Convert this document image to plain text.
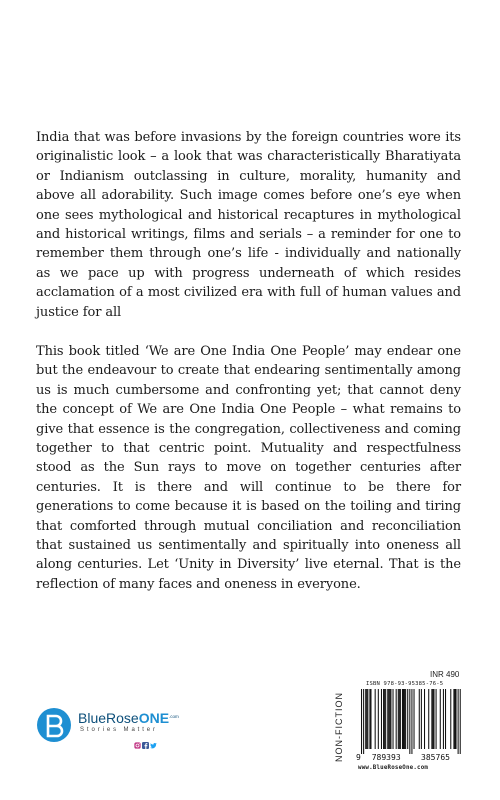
India that was before invasions by the foreign countries wore its originalistic look – a look that was characteristically Bharatiyata or Indianism outclassing in culture, morality, humanity and above all adorability. Such image comes before one’s eye when one sees mythological and historical recaptures in mythological and historical writings, films and serials – a reminder for one to remember them through one’s life - individually and nationally as we pace up with progress underneath of which resides acclamation of a most civilized era with full of human values and justice for all

This book titled ‘We are One India One People’ may endear one but the endeavour to create that endearing sentimentally among us is much cumbersome and confronting yet; that cannot deny the concept of We are One India One People – what remains to give that essence is the congregation, collectiveness and coming together to that centric point. Mutuality and respectfulness stood as the Sun rays to move on together centuries after centuries. It is there and will continue to be there for generations to come because it is based on the toiling and tiring that comforted through mutual conciliation and reconciliation that sustained us sentimentally and spiritually into oneness all along centuries. Let ‘Unity in Diversity’ live eternal. That is the reflection of many faces and oneness in everyone.

INR 490
NON-FICTION
ISBN 978-93-95385-76-5
9 789393	385765
www.BlueRoseOne.com
BlueRoseONE$^{.com}$
Stories Matter
